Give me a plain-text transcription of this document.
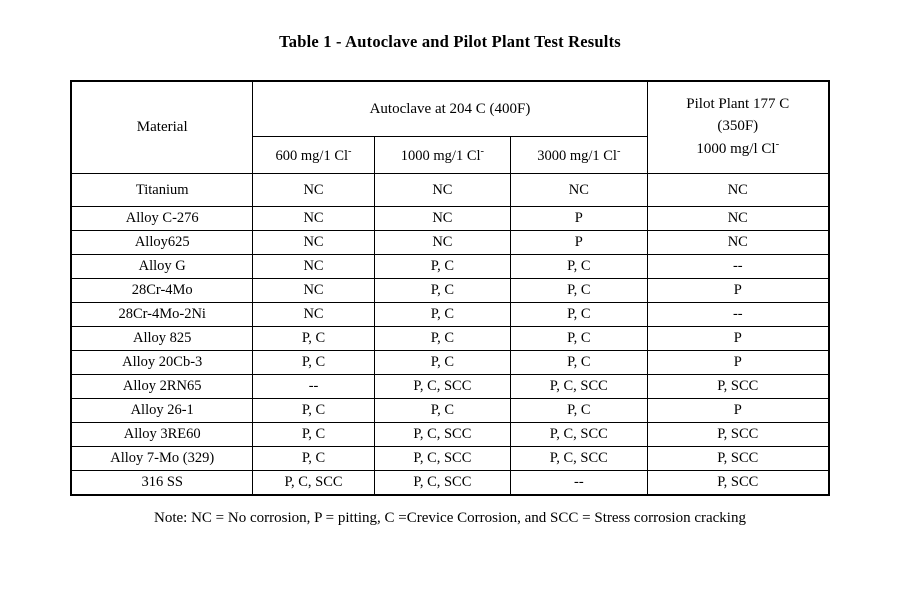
Table 1 - Autoclave and Pilot Plant Test Results
Material	Autoclave at 204 C (400F)			Pilot Plant 177 C
(350F)
1000 mg/l Cl-

	600 mg/1 Cl-	1000 mg/1 Cl-	3000 mg/1 Cl-
Titanium	NC	NC	NC	NC
Alloy C-276	NC	NC	P	NC
Alloy625	NC	NC	P	NC
Alloy G	NC	P, C	P, C	--
28Cr-4Mo	NC	P, C	P, C	P
28Cr-4Mo-2Ni	NC	P, C	P, C	--
Alloy 825	P, C	P, C	P, C	P
Alloy 20Cb-3	P, C	P, C	P, C	P
Alloy 2RN65	--	P, C, SCC	P, C, SCC	P, SCC
Alloy 26-1	P, C	P, C	P, C	P
Alloy 3RE60	P, C	P, C, SCC	P, C, SCC	P, SCC
Alloy 7-Mo (329)	P, C	P, C, SCC	P, C, SCC	P, SCC
316 SS	P, C, SCC	P, C, SCC	--	P, SCC
Note: NC = No corrosion, P = pitting, C =Crevice Corrosion, and SCC = Stress corrosion cracking
